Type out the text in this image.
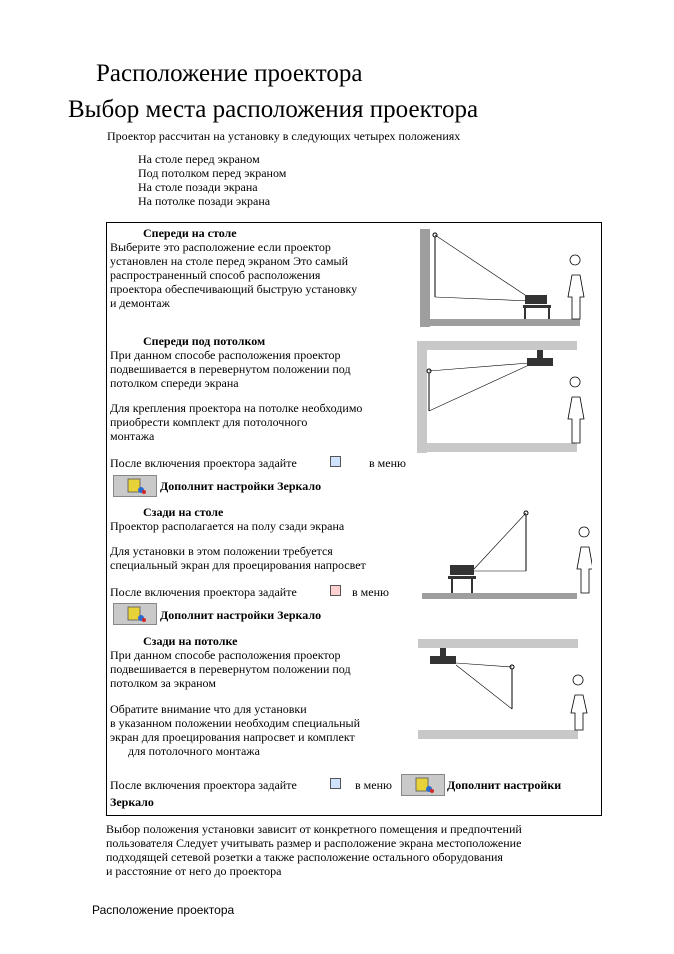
Расположение проектора
Выбор места расположения проектора
Проектор рассчитан на установку в следующих четырех положениях
На столе перед экраном
Под потолком перед экраном
На столе позади экрана
На потолке позади экрана
Спереди на столе
Выберите это расположение если проектор
установлен на столе перед экраном Это самый
распространенный способ расположения
проектора обеспечивающий быструю установку
и демонтаж
Спереди под потолком
При данном способе расположения проектор
подвешивается в перевернутом положении под
потолком спереди экрана
Для крепления проектора на потолке необходимо
приобрести комплект для потолочного
монтажа
После включения проектора задайте	в меню
Дополнит настройки Зеркало
Сзади на столе
Проектор располагается на полу сзади экрана
Для установки в этом положении требуется
специальный экран для проецирования напросвет
После включения проектора задайте	в меню
Дополнит настройки Зеркало
Сзади на потолке
При данном способе расположения проектор
подвешивается в перевернутом положении под
потолком за экраном
Обратите внимание что для установки
в указанном положении необходим специальный
экран для проецирования напросвет и комплект
для потолочного монтажа
После включения проектора задайте	в меню	Дополнит настройки
Зеркало
Выбор положения установки зависит от конкретного помещения и предпочтений
пользователя Следует учитывать размер и расположение экрана местоположение
подходящей сетевой розетки а также расположение остального оборудования
и расстояние от него до проектора
Расположение проектора
